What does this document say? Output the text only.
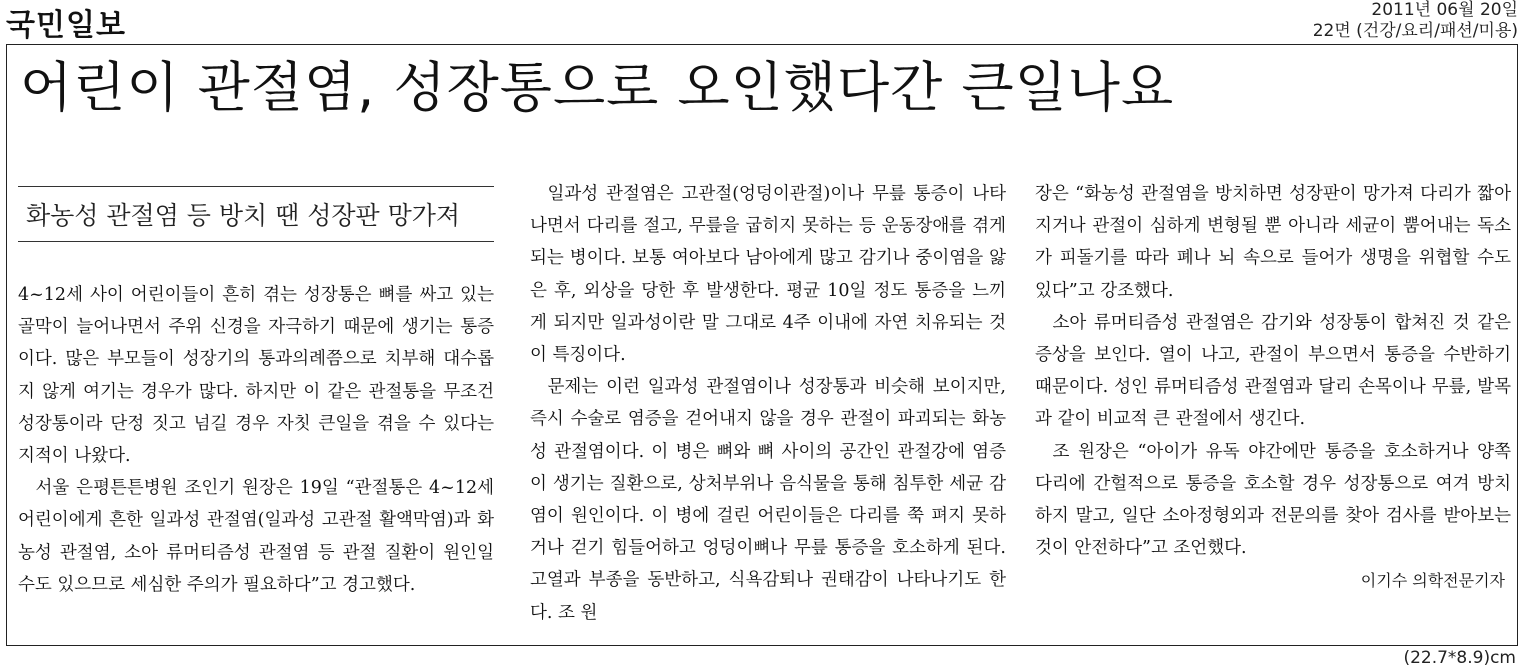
국민일보	2011년 06월 20일
22면 (건강/요리/패션/미용)
어린이 관절염, 성장통으로 오인했다간 큰일나요
화농성 관절염 등 방치 땐 성장판 망가져

4~12세 사이 어린이들이 흔히 겪는 성장통은 뼈를 싸고 있는 골막이 늘어나면서 주위 신경을 자극하기 때문에 생기는 통증이다. 많은 부모들이 성장기의 통과의례쯤으로 치부해 대수롭지 않게 여기는 경우가 많다. 하지만 이 같은 관절통을 무조건 성장통이라 단정 짓고 넘길 경우 자칫 큰일을 겪을 수 있다는 지적이 나왔다.

서울 은평튼튼병원 조인기 원장은 19일 “관절통은 4~12세 어린이에게 흔한 일과성 관절염(일과성 고관절 활액막염)과 화농성 관절염, 소아 류머티즘성 관절염 등 관절 질환이 원인일 수도 있으므로 세심한 주의가 필요하다”고 경고했다.

일과성 관절염은 고관절(엉덩이관절)이나 무릎 통증이 나타나면서 다리를 절고, 무릎을 굽히지 못하는 등 운동장애를 겪게 되는 병이다. 보통 여아보다 남아에게 많고 감기나 중이염을 앓은 후, 외상을 당한 후 발생한다. 평균 10일 정도 통증을 느끼게 되지만 일과성이란 말 그대로 4주 이내에 자연 치유되는 것이 특징이다.

문제는 이런 일과성 관절염이나 성장통과 비슷해 보이지만, 즉시 수술로 염증을 걷어내지 않을 경우 관절이 파괴되는 화농성 관절염이다. 이 병은 뼈와 뼈 사이의 공간인 관절강에 염증이 생기는 질환으로, 상처부위나 음식물을 통해 침투한 세균 감염이 원인이다. 이 병에 걸린 어린이들은 다리를 쭉 펴지 못하거나 걷기 힘들어하고 엉덩이뼈나 무릎 통증을 호소하게 된다. 고열과 부종을 동반하고, 식욕감퇴나 권태감이 나타나기도 한다. 조 원

장은 “화농성 관절염을 방치하면 성장판이 망가져 다리가 짧아지거나 관절이 심하게 변형될 뿐 아니라 세균이 뿜어내는 독소가 피돌기를 따라 폐나 뇌 속으로 들어가 생명을 위협할 수도 있다”고 강조했다.

소아 류머티즘성 관절염은 감기와 성장통이 합쳐진 것 같은 증상을 보인다. 열이 나고, 관절이 부으면서 통증을 수반하기 때문이다. 성인 류머티즘성 관절염과 달리 손목이나 무릎, 발목과 같이 비교적 큰 관절에서 생긴다.

조 원장은 “아이가 유독 야간에만 통증을 호소하거나 양쪽 다리에 간헐적으로 통증을 호소할 경우 성장통으로 여겨 방치하지 말고, 일단 소아정형외과 전문의를 찾아 검사를 받아보는 것이 안전하다”고 조언했다.

이기수 의학전문기자
(22.7*8.9)cm
